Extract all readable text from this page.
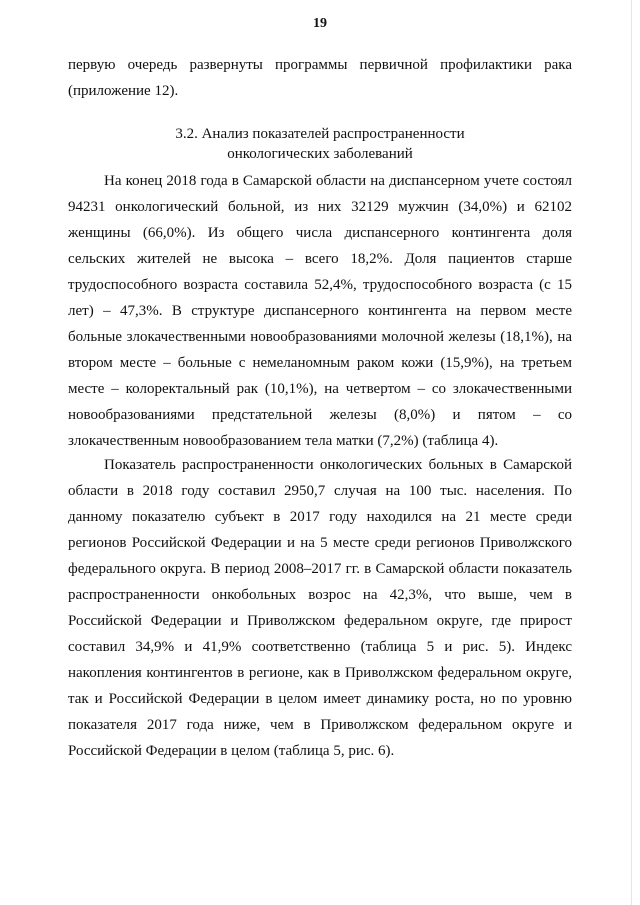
19

первую очередь развернуты программы первичной профилактики рака (приложение 12).

3.2. Анализ показателей распространенности
онкологических заболеваний

На конец 2018 года в Самарской области на диспансерном учете состоял 94231 онкологический больной, из них 32129 мужчин (34,0%) и 62102 женщины (66,0%). Из общего числа диспансерного контингента доля сельских жителей не высока – всего 18,2%. Доля пациентов старше трудоспособного возраста составила 52,4%, трудоспособного возраста (с 15 лет) – 47,3%. В структуре диспансерного контингента на первом месте больные злокачественными новообразованиями молочной железы (18,1%), на втором месте – больные с немеланомным раком кожи (15,9%), на третьем месте – колоректальный рак (10,1%), на четвертом – со злокачественными новообразованиями предстательной железы (8,0%) и пятом – со злокачественным новообразованием тела матки (7,2%) (таблица 4).

Показатель распространенности онкологических больных в Самарской области в 2018 году составил 2950,7 случая на 100 тыс. населения. По данному показателю субъект в 2017 году находился на 21 месте среди регионов Российской Федерации и на 5 месте среди регионов Приволжского федерального округа. В период 2008–2017 гг. в Самарской области показатель распространенности онкобольных возрос на 42,3%, что выше, чем в Российской Федерации и Приволжском федеральном округе, где прирост составил 34,9% и 41,9% соответственно (таблица 5 и рис. 5). Индекс накопления контингентов в регионе, как в Приволжском федеральном округе, так и Российской Федерации в целом имеет динамику роста, но по уровню показателя 2017 года ниже, чем в Приволжском федеральном округе и Российской Федерации в целом (таблица 5, рис. 6).
